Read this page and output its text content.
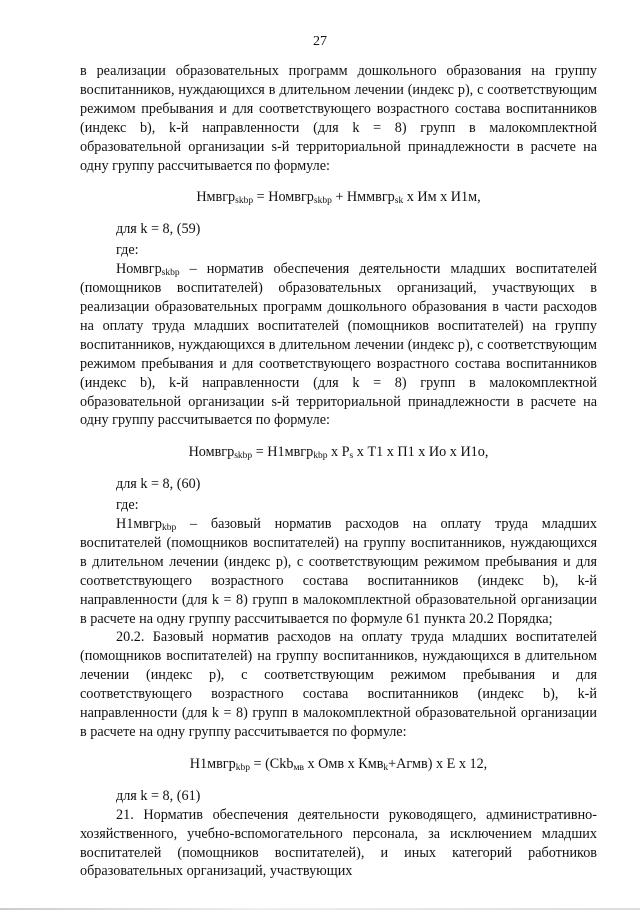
27

в реализации образовательных программ дошкольного образования на группу воспитанников, нуждающихся в длительном лечении (индекс p), с соответствующим режимом пребывания и для соответствующего возрастного состава воспитанников (индекс b), k-й направленности (для k = 8) групп в малокомплектной образовательной организации s-й территориальной принадлежности в расчете на одну группу рассчитывается по формуле:

Нмвгр$_{skbp}$ = Номвгр$_{skbp}$ + Нммвгр$_{sk}$ х Им х И1м,

для k = 8, (59)

где:

Номвгр$_{skbp}$ – норматив обеспечения деятельности младших воспитателей (помощников воспитателей) образовательных организаций, участвующих в реализации образовательных программ дошкольного образования в части расходов на оплату труда младших воспитателей (помощников воспитателей) на группу воспитанников, нуждающихся в длительном лечении (индекс p), с соответствующим режимом пребывания и для соответствующего возрастного состава воспитанников (индекс b), k-й направленности (для k = 8) групп в малокомплектной образовательной организации s-й территориальной принадлежности в расчете на одну группу рассчитывается по формуле:

Номвгр$_{skbp}$ = Н1мвгр$_{kbp}$ х $Р_s$ х Т1 х П1 х Ио х И1о,

для k = 8, (60)

где:

Н1мвгр$_{kbp}$ – базовый норматив расходов на оплату труда младших воспитателей (помощников воспитателей) на группу воспитанников, нуждающихся в длительном лечении (индекс p), с соответствующим режимом пребывания и для соответствующего возрастного состава воспитанников (индекс b), k-й направленности (для k = 8) групп в малокомплектной образовательной организации в расчете на одну группу рассчитывается по формуле 61 пункта 20.2 Порядка;

20.2. Базовый норматив расходов на оплату труда младших воспитателей (помощников воспитателей) на группу воспитанников, нуждающихся в длительном лечении (индекс p), с соответствующим режимом пребывания и для соответствующего возрастного состава воспитанников (индекс b), k-й направленности (для k = 8) групп в малокомплектной образовательной организации в расчете на одну группу рассчитывается по формуле:

Н1мвгр$_{kbp}$ = (Сkb$_{мв}$ х Омв х Кмв$_k$+Агмв) х Е х 12,

для k = 8, (61)

21. Норматив обеспечения деятельности руководящего, административно-хозяйственного, учебно-вспомогательного персонала, за исключением младших воспитателей (помощников воспитателей), и иных категорий работников образовательных организаций, участвующих
